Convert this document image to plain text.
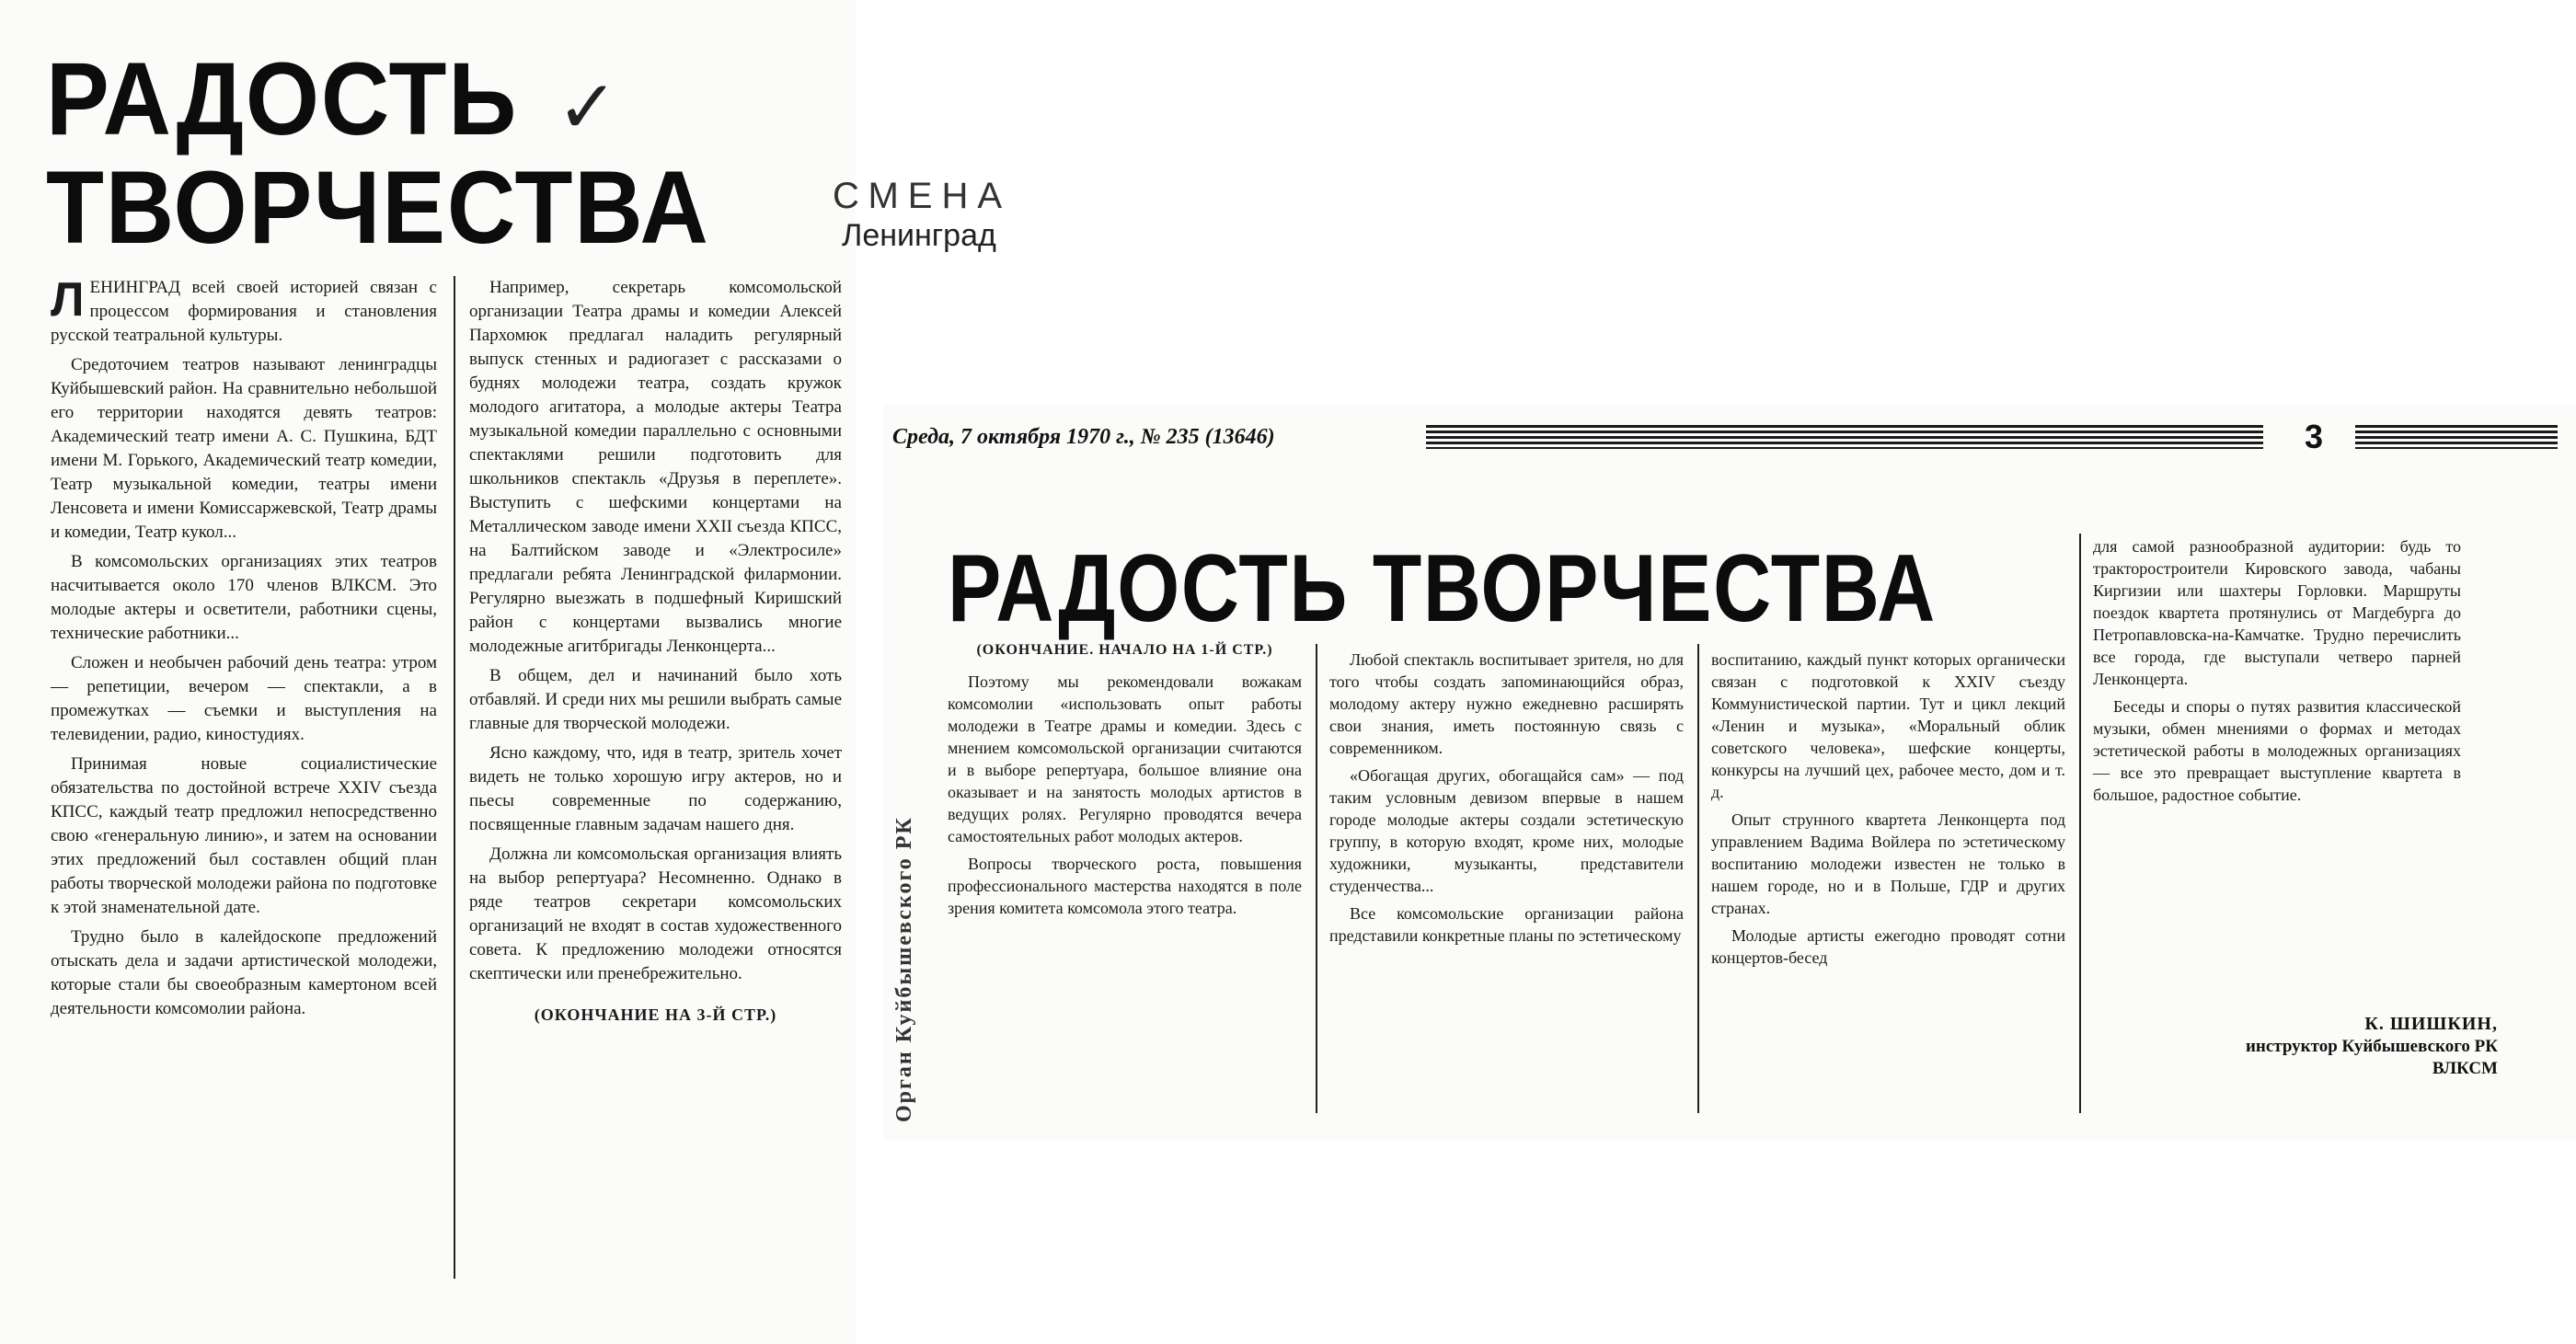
РАДОСТЬ ✓
ТВОРЧЕСТВА

ЛЕНИНГРАД всей своей историей связан с процессом формирования и становления русской театральной культуры.

Средоточием театров называют ленинградцы Куйбышевский район. На сравнительно небольшой его территории находятся девять театров: Академический театр имени А. С. Пушкина, БДТ имени М. Горького, Академический театр комедии, Театр музыкальной комедии, театры имени Ленсовета и имени Комиссаржевской, Театр драмы и комедии, Театр кукол...

В комсомольских организациях этих театров насчитывается около 170 членов ВЛКСМ. Это молодые актеры и осветители, работники сцены, технические работники...

Сложен и необычен рабочий день театра: утром — репетиции, вечером — спектакли, а в промежутках — съемки и выступления на телевидении, радио, киностудиях.

Принимая новые социалистические обязательства по достойной встрече XXIV съезда КПСС, каждый театр предложил непосредственно свою «генеральную линию», и затем на основании этих предложений был составлен общий план работы творческой молодежи района по подготовке к этой знаменательной дате.

Трудно было в калейдоскопе предложений отыскать дела и задачи артистической молодежи, которые стали бы своеобразным камертоном всей деятельности комсомолии района.

Например, секретарь комсомольской организации Театра драмы и комедии Алексей Пархомюк предлагал наладить регулярный выпуск стенных и радиогазет с рассказами о буднях молодежи театра, создать кружок молодого агитатора, а молодые актеры Театра музыкальной комедии параллельно с основными спектаклями решили подготовить для школьников спектакль «Друзья в переплете». Выступить с шефскими концертами на Металлическом заводе имени XXII съезда КПСС, на Балтийском заводе и «Электросиле» предлагали ребята Ленинградской филармонии. Регулярно выезжать в подшефный Киришский район с концертами вызвались многие молодежные агитбригады Ленконцерта...

В общем, дел и начинаний было хоть отбавляй. И среди них мы решили выбрать самые главные для творческой молодежи.

Ясно каждому, что, идя в театр, зритель хочет видеть не только хорошую игру актеров, но и пьесы современные по содержанию, посвященные главным задачам нашего дня.

Должна ли комсомольская организация влиять на выбор репертуара? Несомненно. Однако в ряде театров секретари комсомольских организаций не входят в состав художественного совета. К предложению молодежи относятся скептически или пренебрежительно.

(ОКОНЧАНИЕ НА 3-Й СТР.)

СМЕНА
Ленинград
Среда, 7 октября 1970 г., № 235 (13646)	3
Орган Куйбышевского РК
РАДОСТЬ ТВОРЧЕСТВА

(ОКОНЧАНИЕ. НАЧАЛО НА 1-Й СТР.)

Поэтому мы рекомендовали вожакам комсомолии «использовать опыт работы молодежи в Театре драмы и комедии. Здесь с мнением комсомольской организации считаются и в выборе репертуара, большое влияние она оказывает и на занятость молодых артистов в ведущих ролях. Регулярно проводятся вечера самостоятельных работ молодых актеров.

Вопросы творческого роста, повышения профессионального мастерства находятся в поле зрения комитета комсомола этого театра.

Любой спектакль воспитывает зрителя, но для того чтобы создать запоминающийся образ, молодому актеру нужно ежедневно расширять свои знания, иметь постоянную связь с современником.

«Обогащая других, обогащайся сам» — под таким условным девизом впервые в нашем городе молодые актеры создали эстетическую группу, в которую входят, кроме них, молодые художники, музыканты, представители студенчества...

Все комсомольские организации района представили конкретные планы по эстетическому

воспитанию, каждый пункт которых органически связан с подготовкой к XXIV съезду Коммунистической партии. Тут и цикл лекций «Ленин и музыка», «Моральный облик советского человека», шефские концерты, конкурсы на лучший цех, рабочее место, дом и т. д.

Опыт струнного квартета Ленконцерта под управлением Вадима Войлера по эстетическому воспитанию молодежи известен не только в нашем городе, но и в Польше, ГДР и других странах.

Молодые артисты ежегодно проводят сотни концертов-бесед

для самой разнообразной аудитории: будь то тракторостроители Кировского завода, чабаны Киргизии или шахтеры Горловки. Маршруты поездок квартета протянулись от Магдебурга до Петропавловска-на-Камчатке. Трудно перечислить все города, где выступали четверо парней Ленконцерта.

Беседы и споры о путях развития классической музыки, обмен мнениями о формах и методах эстетической работы в молодежных организациях — все это превращает выступление квартета в большое, радостное событие.

К. ШИШКИН,
инструктор Куйбышевского РК ВЛКСМ
